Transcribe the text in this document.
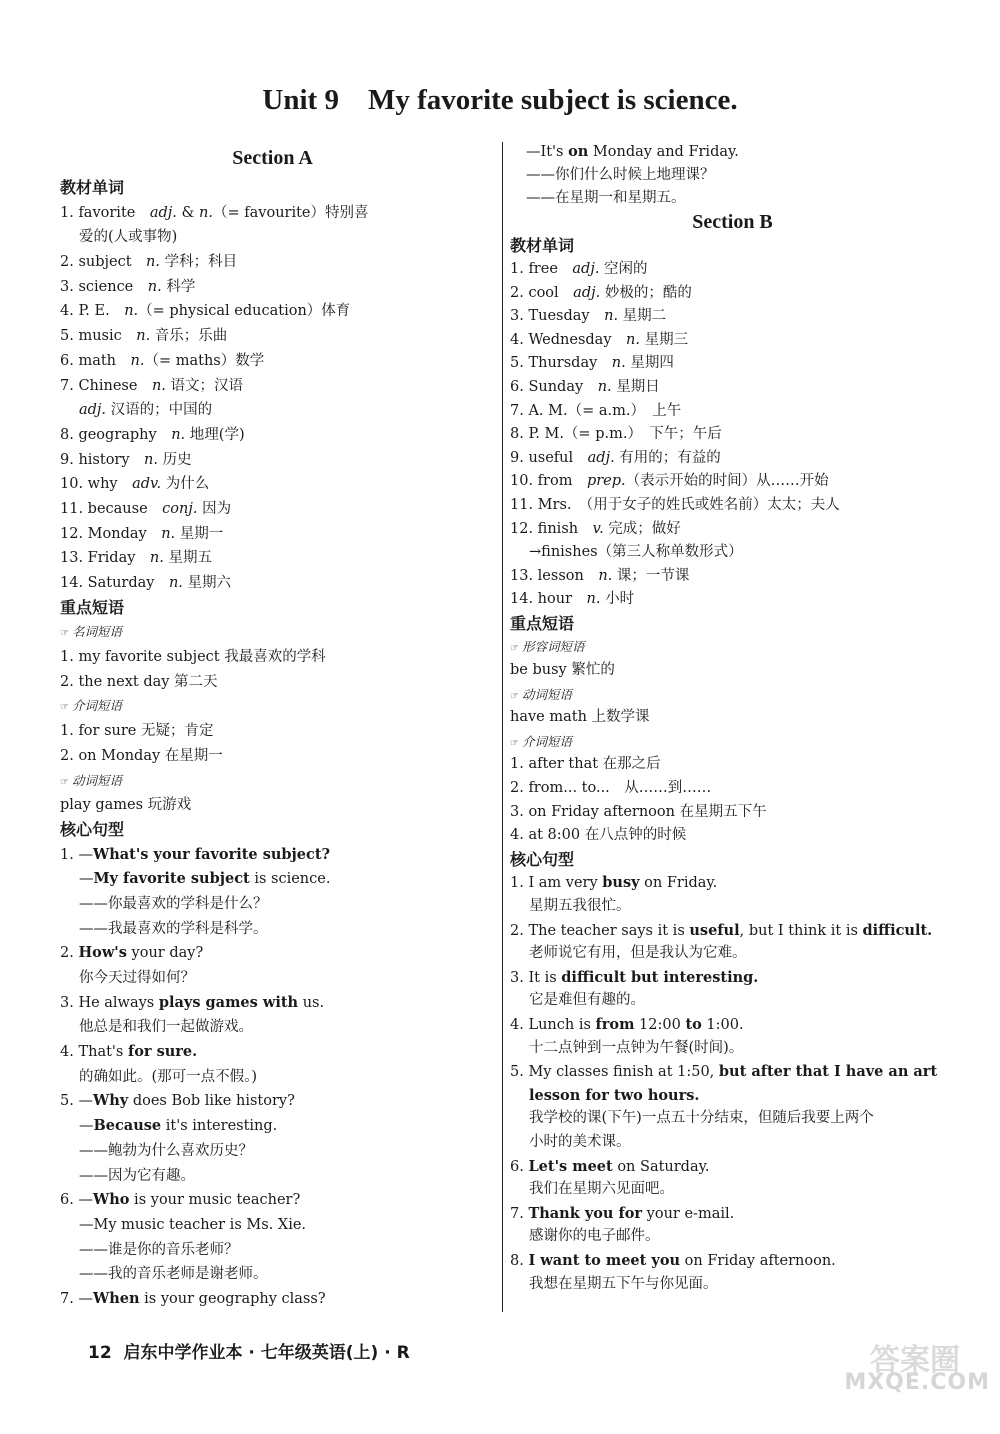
Unit 9    My favorite subject is science.
Section A
教材单词
1. favorite　adj. & n.（= favourite）特别喜
爱的(人或事物)
2. subject　n. 学科；科目
3. science　n. 科学
4. P. E.　n.（= physical education）体育
5. music　n. 音乐；乐曲
6. math　n.（= maths）数学
7. Chinese　n. 语文；汉语
adj. 汉语的；中国的
8. geography　n. 地理(学)
9. history　n. 历史
10. why　adv. 为什么
11. because　conj. 因为
12. Monday　n. 星期一
13. Friday　n. 星期五
14. Saturday　n. 星期六
重点短语
☞ 名词短语
1. my favorite subject 我最喜欢的学科
2. the next day 第二天
☞ 介词短语
1. for sure 无疑；肯定
2. on Monday 在星期一
☞ 动词短语
play games 玩游戏
核心句型
1. —What's your favorite subject?
—My favorite subject is science.
——你最喜欢的学科是什么？
——我最喜欢的学科是科学。
2. How's your day?
你今天过得如何？
3. He always plays games with us.
他总是和我们一起做游戏。
4. That's for sure.
的确如此。(那可一点不假。)
5. —Why does Bob like history?
—Because it's interesting.
——鲍勃为什么喜欢历史？
——因为它有趣。
6. —Who is your music teacher?
—My music teacher is Ms. Xie.
——谁是你的音乐老师？
——我的音乐老师是谢老师。
7. —When is your geography class?
—It's on Monday and Friday.
——你们什么时候上地理课？
——在星期一和星期五。
Section B
教材单词
1. free　adj. 空闲的
2. cool　adj. 妙极的；酷的
3. Tuesday　n. 星期二
4. Wednesday　n. 星期三
5. Thursday　n. 星期四
6. Sunday　n. 星期日
7. A. M.（= a.m.）　上午
8. P. M.（= p.m.）　下午；午后
9. useful　adj. 有用的；有益的
10. from　prep.（表示开始的时间）从……开始
11. Mrs.　（用于女子的姓氏或姓名前）太太；夫人
12. finish　v. 完成；做好
→finishes（第三人称单数形式）
13. lesson　n. 课；一节课
14. hour　n. 小时
重点短语
☞ 形容词短语
be busy 繁忙的
☞ 动词短语
have math 上数学课
☞ 介词短语
1. after that 在那之后
2. from... to...　从……到……
3. on Friday afternoon 在星期五下午
4. at 8:00 在八点钟的时候
核心句型
1. I am very busy on Friday.
星期五我很忙。
2. The teacher says it is useful, but I think it is difficult.
老师说它有用，但是我认为它难。
3. It is difficult but interesting.
它是难但有趣的。
4. Lunch is from 12:00 to 1:00.
十二点钟到一点钟为午餐(时间)。
5. My classes finish at 1:50, but after that I have an art
lesson for two hours.
我学校的课(下午)一点五十分结束，但随后我要上两个
小时的美术课。
6. Let's meet on Saturday.
我们在星期六见面吧。
7. Thank you for your e-mail.
感谢你的电子邮件。
8. I want to meet you on Friday afternoon.
我想在星期五下午与你见面。
12  启东中学作业本 · 七年级英语(上) · R	答案圈
MXQE.COM
